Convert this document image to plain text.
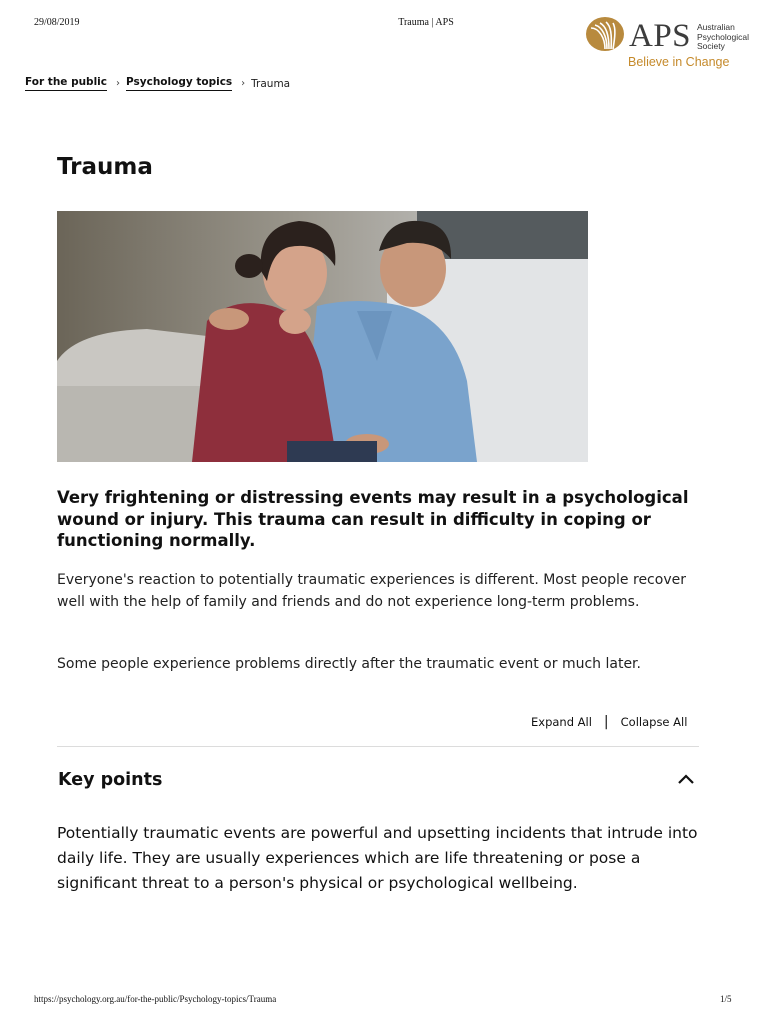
29/08/2019	Trauma | APS	APS Australian
Psychological
Society
Believe in Change
For the public › Psychology topics › Trauma
Trauma

Very frightening or distressing events may result in a psychological wound or injury. This trauma can result in difficulty in coping or functioning normally.

Everyone's reaction to potentially traumatic experiences is different. Most people recover well with the help of family and friends and do not experience long-term problems.

Some people experience problems directly after the traumatic event or much later.

Expand All | Collapse All
Key points

Potentially traumatic events are powerful and upsetting incidents that intrude into daily life. They are usually experiences which are life threatening or pose a significant threat to a person's physical or psychological wellbeing.

https://psychology.org.au/for-the-public/Psychology-topics/Trauma	1/5
